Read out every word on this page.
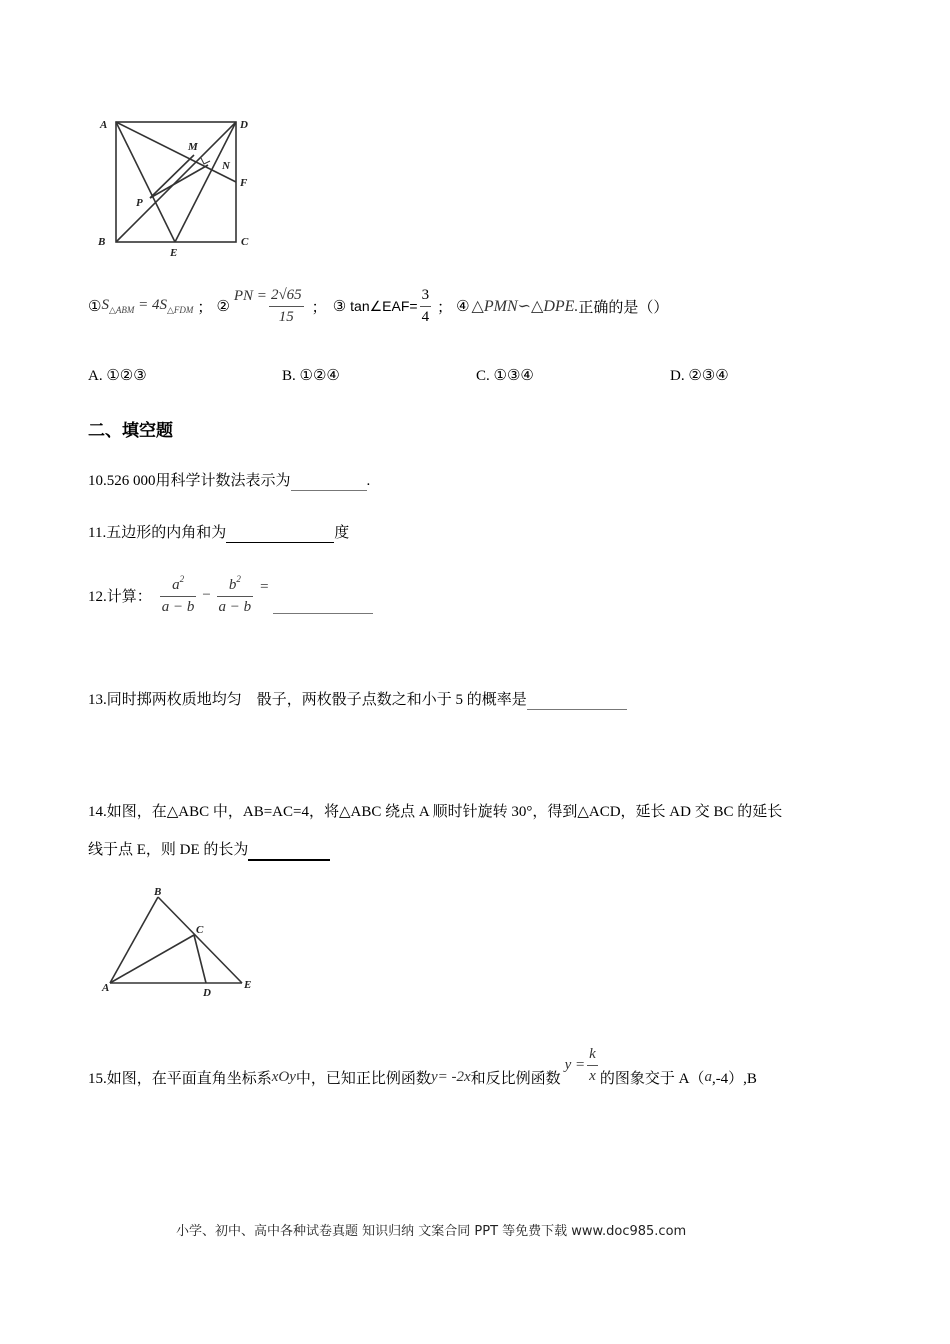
A	D
B	C
E
F
M
N
P
① $S_{\triangle ABM} = 4S_{\triangle FDM}$ ； ②
PN = $\frac{2√65}{15}$ ； ③ tan∠EAF= $\frac{3}{4}$ ； ④ △PMN∽△DPE. 正确的是（）
A. ①②③	B. ①②④	C. ①③④	D. ②③④
二、填空题
10.526 000用科学计数法表示为	.
11.五边形的内角和为	度
12.计算： $\frac{a^2}{a - b} - \frac{b^2}{a - b}$ =

13.同时掷两枚质地均匀　骰子，两枚骰子点数之和小于 5 的概率是
14.如图，在△ABC 中，AB=AC=4，将△ABC 绕点 A 顺时针旋转 30°，得到△ACD，延长 AD 交 BC 的延长
线于点 E，则 DE 的长为
A
B
C
D
E
15.如图，在平面直角坐标系 xOy 中，已知正比例函数 y= -2x 和反比例函数
$y = \frac{k}{x}$ 的图象交于 A（ a ,-4）,B
小学、初中、高中各种试卷真题 知识归纳 文案合同 PPT 等免费下载 www.doc985.com
